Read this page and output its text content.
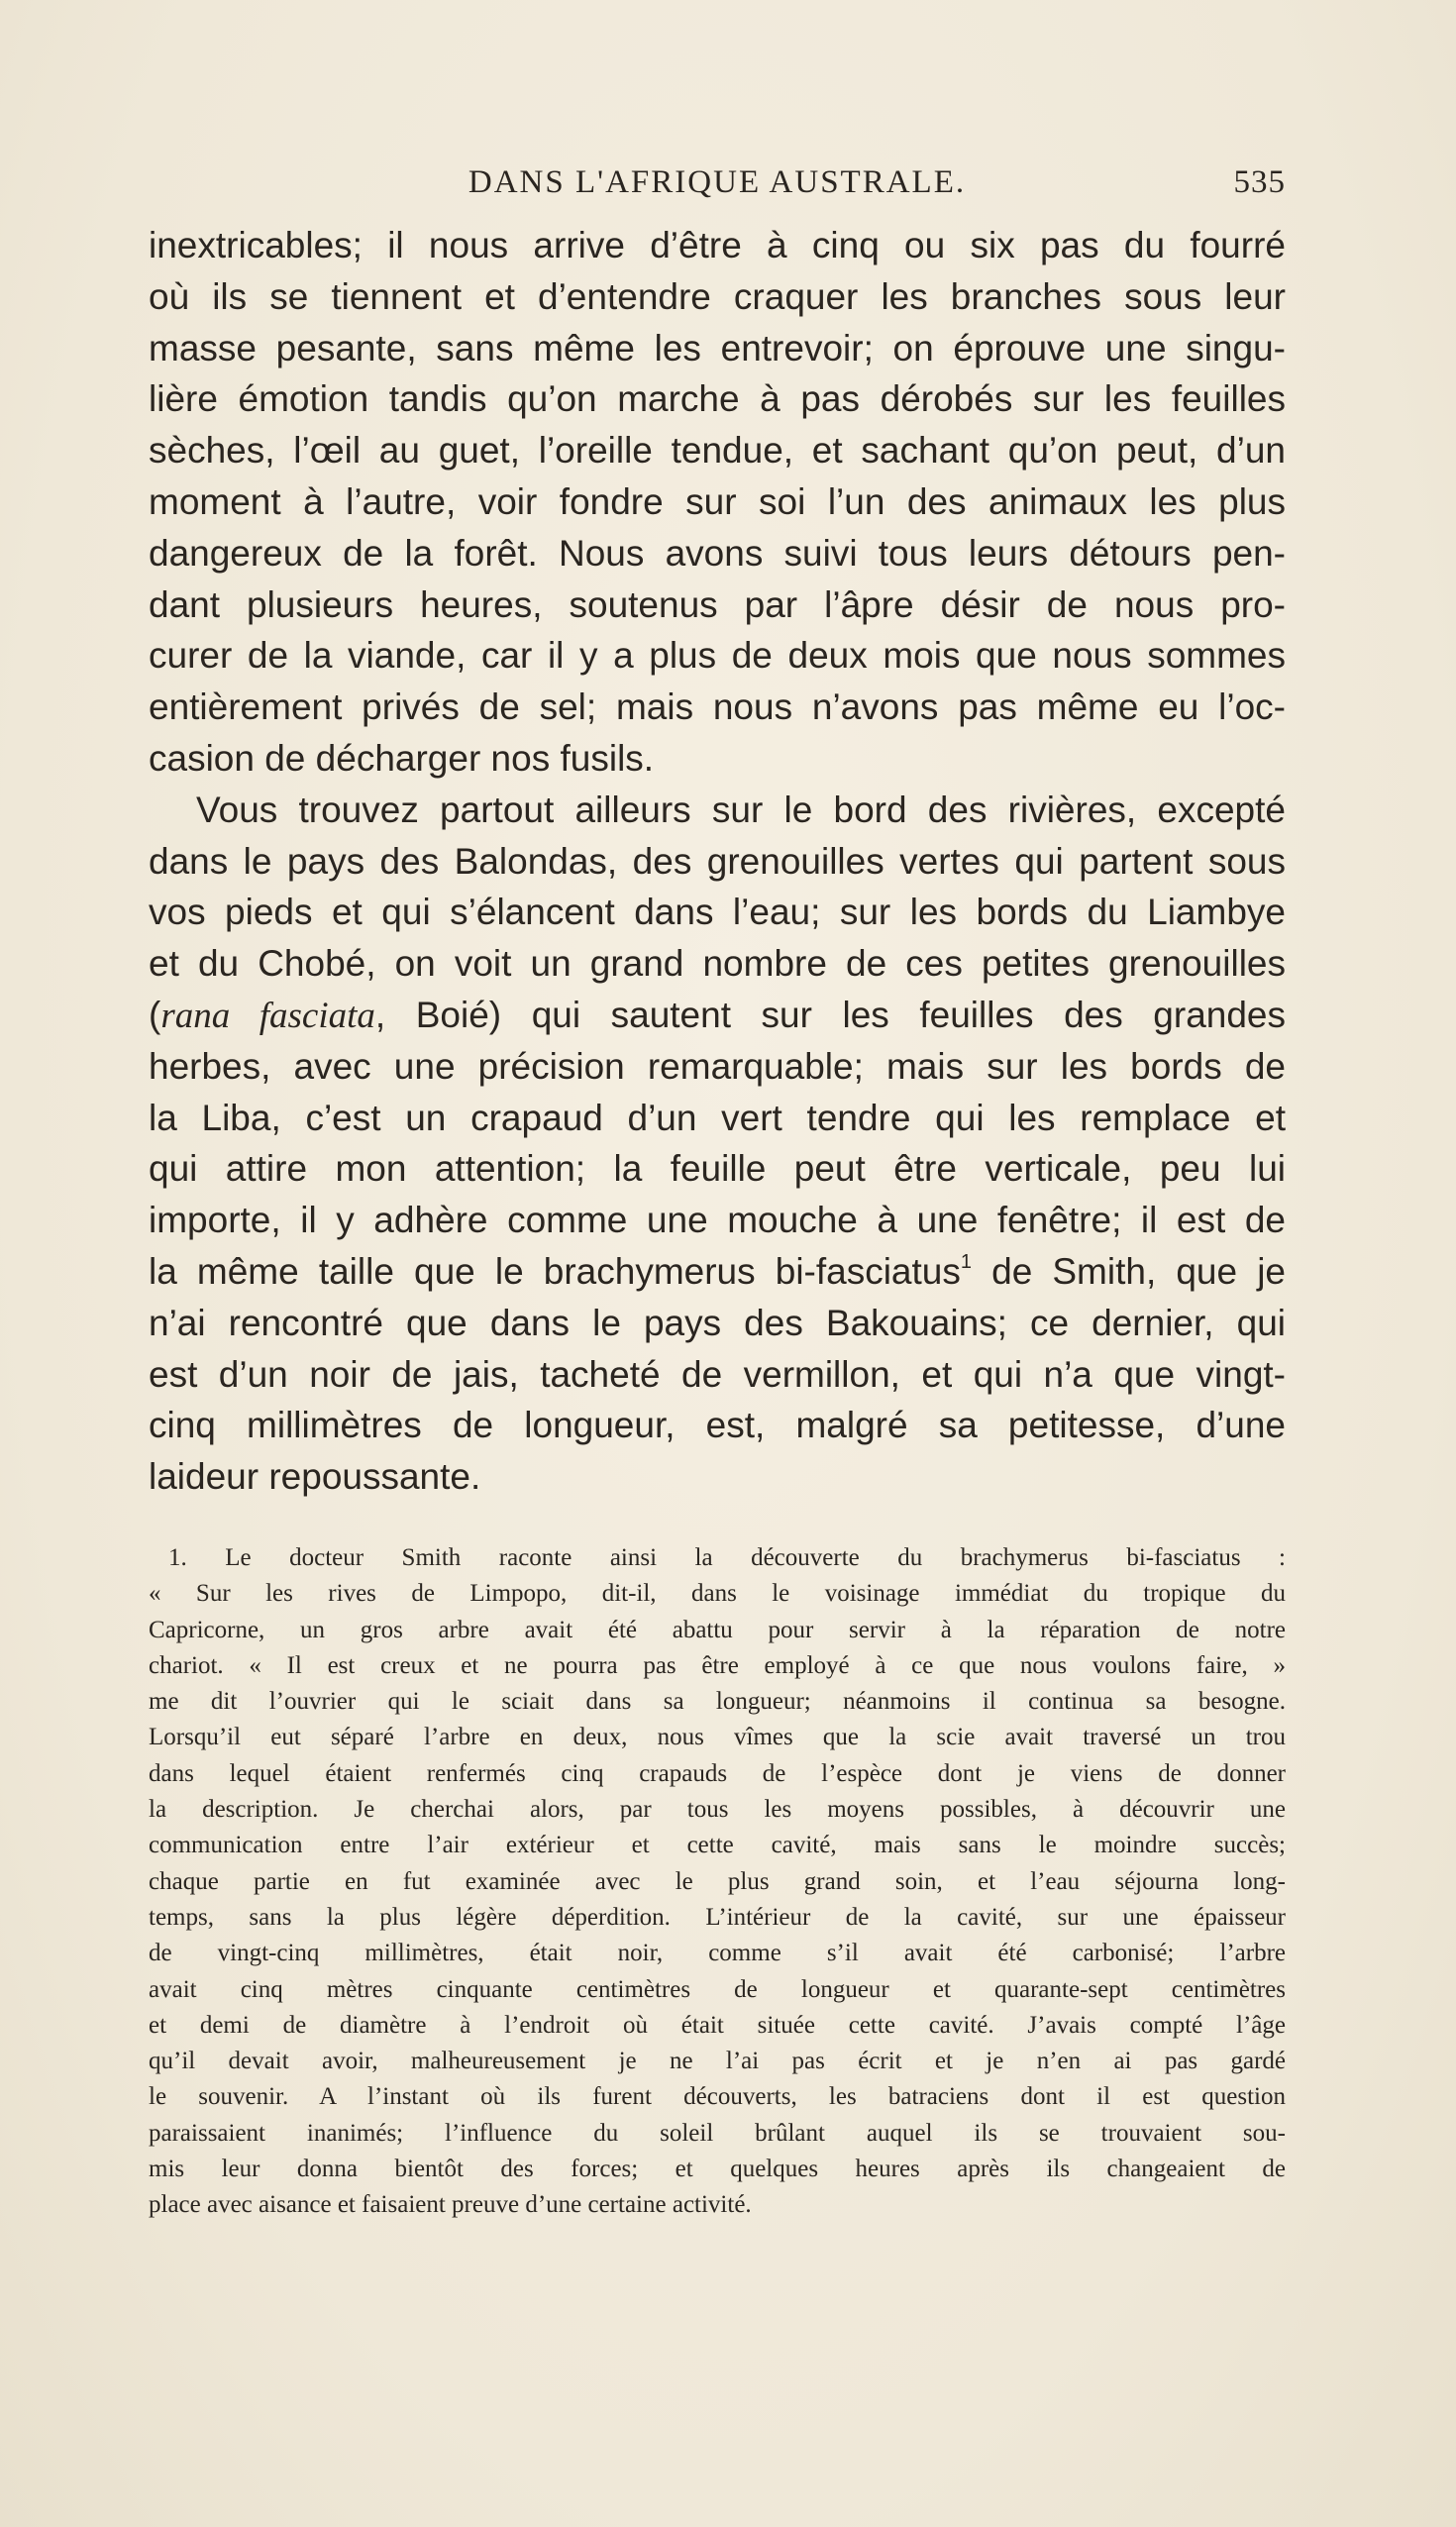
DANS L'AFRIQUE AUSTRALE.	535
inextricables; il nous arrive d’être à cinq ou six pas du fourré
où ils se tiennent et d’entendre craquer les branches sous leur
masse pesante, sans même les entrevoir; on éprouve une singu-
lière émotion tandis qu’on marche à pas dérobés sur les feuilles
sèches, l’œil au guet, l’oreille tendue, et sachant qu’on peut, d’un
moment à l’autre, voir fondre sur soi l’un des animaux les plus
dangereux de la forêt. Nous avons suivi tous leurs détours pen-
dant plusieurs heures, soutenus par l’âpre désir de nous pro-
curer de la viande, car il y a plus de deux mois que nous sommes
entièrement privés de sel; mais nous n’avons pas même eu l’oc-
casion de décharger nos fusils.
Vous trouvez partout ailleurs sur le bord des rivières, excepté
dans le pays des Balondas, des grenouilles vertes qui partent sous
vos pieds et qui s’élancent dans l’eau; sur les bords du Liambye
et du Chobé, on voit un grand nombre de ces petites grenouilles
(rana fasciata, Boié) qui sautent sur les feuilles des grandes
herbes, avec une précision remarquable; mais sur les bords de
la Liba, c’est un crapaud d’un vert tendre qui les remplace et
qui attire mon attention; la feuille peut être verticale, peu lui
importe, il y adhère comme une mouche à une fenêtre; il est de
la même taille que le brachymerus bi-fasciatus$^1$ de Smith, que je
n’ai rencontré que dans le pays des Bakouains; ce dernier, qui
est d’un noir de jais, tacheté de vermillon, et qui n’a que vingt-
cinq millimètres de longueur, est, malgré sa petitesse, d’une
laideur repoussante.
1. Le docteur Smith raconte ainsi la découverte du brachymerus bi-fasciatus :
« Sur les rives de Limpopo, dit-il, dans le voisinage immédiat du tropique du
Capricorne, un gros arbre avait été abattu pour servir à la réparation de notre
chariot. « Il est creux et ne pourra pas être employé à ce que nous voulons faire, »
me dit l’ouvrier qui le sciait dans sa longueur; néanmoins il continua sa besogne.
Lorsqu’il eut séparé l’arbre en deux, nous vîmes que la scie avait traversé un trou
dans lequel étaient renfermés cinq crapauds de l’espèce dont je viens de donner
la description. Je cherchai alors, par tous les moyens possibles, à découvrir une
communication entre l’air extérieur et cette cavité, mais sans le moindre succès;
chaque partie en fut examinée avec le plus grand soin, et l’eau séjourna long-
temps, sans la plus légère déperdition. L’intérieur de la cavité, sur une épaisseur
de vingt-cinq millimètres, était noir, comme s’il avait été carbonisé; l’arbre
avait cinq mètres cinquante centimètres de longueur et quarante-sept centimètres
et demi de diamètre à l’endroit où était située cette cavité. J’avais compté l’âge
qu’il devait avoir, malheureusement je ne l’ai pas écrit et je n’en ai pas gardé
le souvenir. A l’instant où ils furent découverts, les batraciens dont il est question
paraissaient inanimés; l’influence du soleil brûlant auquel ils se trouvaient sou-
mis leur donna bientôt des forces; et quelques heures après ils changeaient de
place avec aisance et faisaient preuve d’une certaine activité.
